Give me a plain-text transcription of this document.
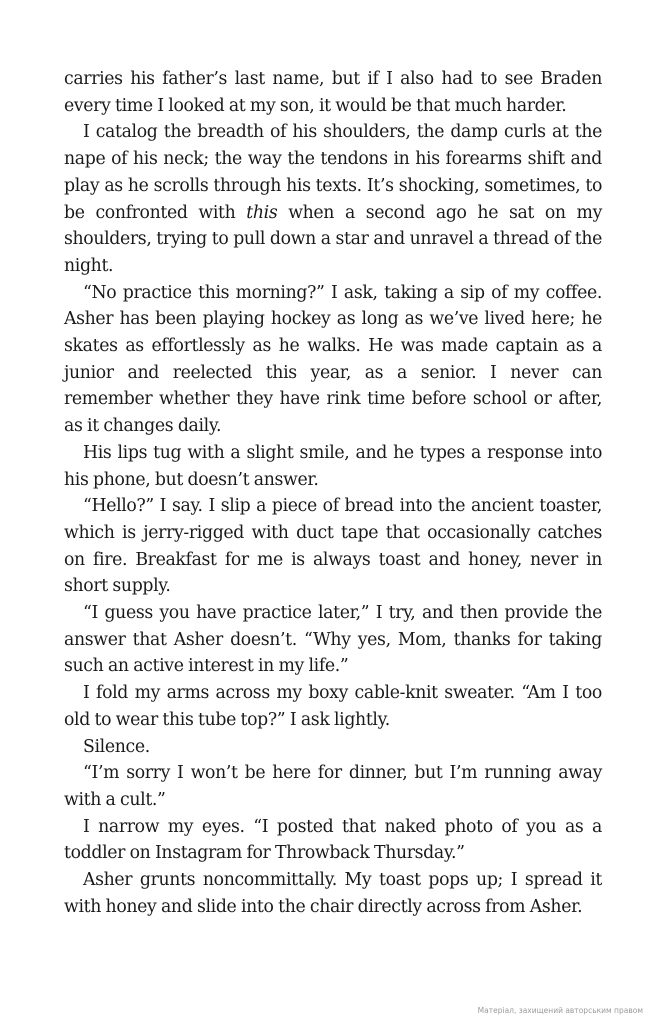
carries his father’s last name, but if I also had to see Braden every time I looked at my son, it would be that much harder.

I catalog the breadth of his shoulders, the damp curls at the nape of his neck; the way the tendons in his forearms shift and play as he scrolls through his texts. It’s shocking, sometimes, to be confronted with this when a second ago he sat on my shoulders, trying to pull down a star and unravel a thread of the night.

“No practice this morning?” I ask, taking a sip of my coffee. Asher has been playing hockey as long as we’ve lived here; he skates as effortlessly as he walks. He was made captain as a junior and reelected this year, as a senior. I never can remember whether they have rink time before school or after, as it changes daily.

His lips tug with a slight smile, and he types a response into his phone, but doesn’t answer.

“Hello?” I say. I slip a piece of bread into the ancient toaster, which is jerry-rigged with duct tape that occasionally catches on fire. Breakfast for me is always toast and honey, never in short supply.

“I guess you have practice later,” I try, and then provide the answer that Asher doesn’t. “Why yes, Mom, thanks for taking such an active interest in my life.”

I fold my arms across my boxy cable-knit sweater. “Am I too old to wear this tube top?” I ask lightly.

Silence.

“I’m sorry I won’t be here for dinner, but I’m running away with a cult.”

I narrow my eyes. “I posted that naked photo of you as a toddler on Instagram for Throwback Thursday.”

Asher grunts noncommittally. My toast pops up; I spread it with honey and slide into the chair directly across from Asher.

Матеріал, захищений авторським правом
